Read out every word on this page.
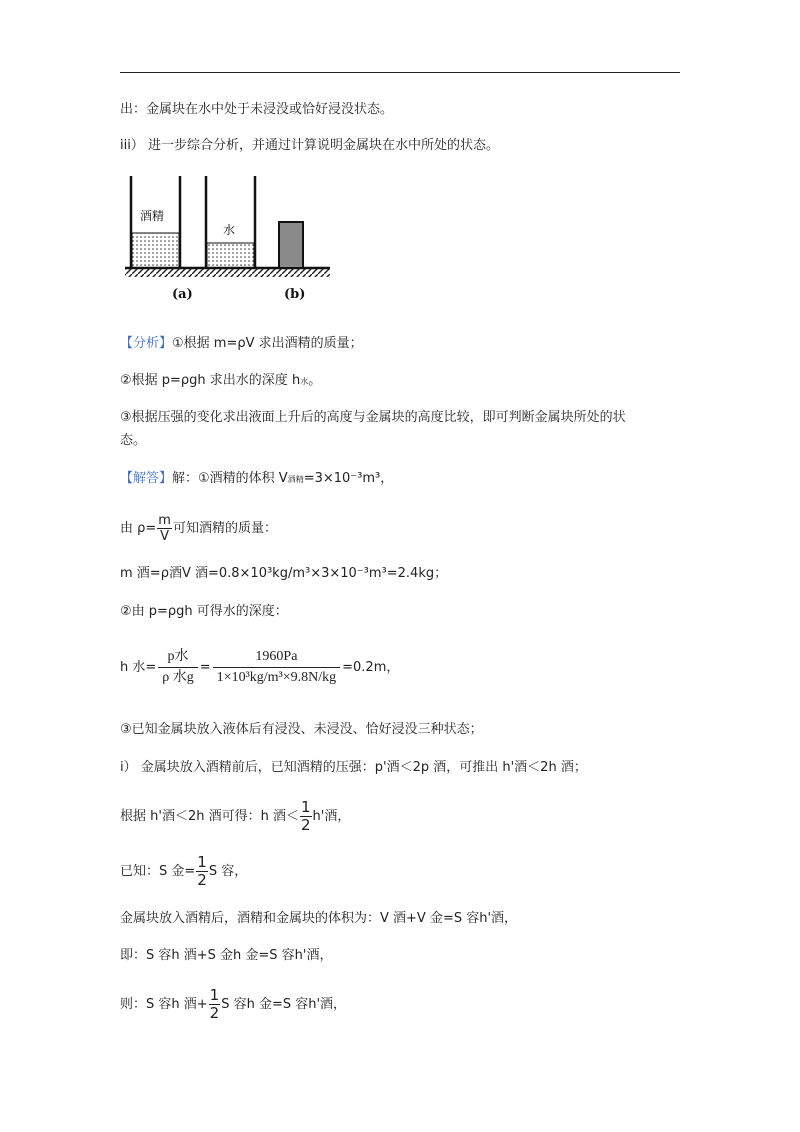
出：金属块在水中处于未浸没或恰好浸没状态。
iii） 进一步综合分析，并通过计算说明金属块在水中所处的状态。
酒精
水
(a)	(b)
【分析】①根据 m=ρV 求出酒精的质量；
②根据 p=ρgh 求出水的深度 h水。
③根据压强的变化求出液面上升后的高度与金属块的高度比较，即可判断金属块所处的状
态。
【解答】解：①酒精的体积 V酒精=3×10⁻³m³，
由 $\rho= \frac{m}{V}$ 可知酒精的质量：
m 酒=ρ酒V 酒=0.8×10³kg/m³×3×10⁻³m³=2.4kg；
②由 p=ρgh 可得水的深度：
h 水= $\frac{\text{p水}}{\text{ρ 水g}} = \frac{1960Pa}{\text{1×10³kg/m³×9.8N/kg}} =0.2m$，
③已知金属块放入液体后有浸没、未浸没、恰好浸没三种状态；
i） 金属块放入酒精前后，已知酒精的压强：p'酒＜2p 酒，可推出 h'酒＜2h 酒；
根据 h'酒＜2h 酒可得：h 酒＜ $\frac{1}{2} h'$酒，
已知：S 金= $\frac{1}{2}$ S 容，
金属块放入酒精后，酒精和金属块的体积为：V 酒+V 金=S 容h'酒，
即：S 容h 酒+S 金h 金=S 容h'酒，
则：S 容h 酒+ $\frac{1}{2}$ S 容h 金=S 容h'酒，
